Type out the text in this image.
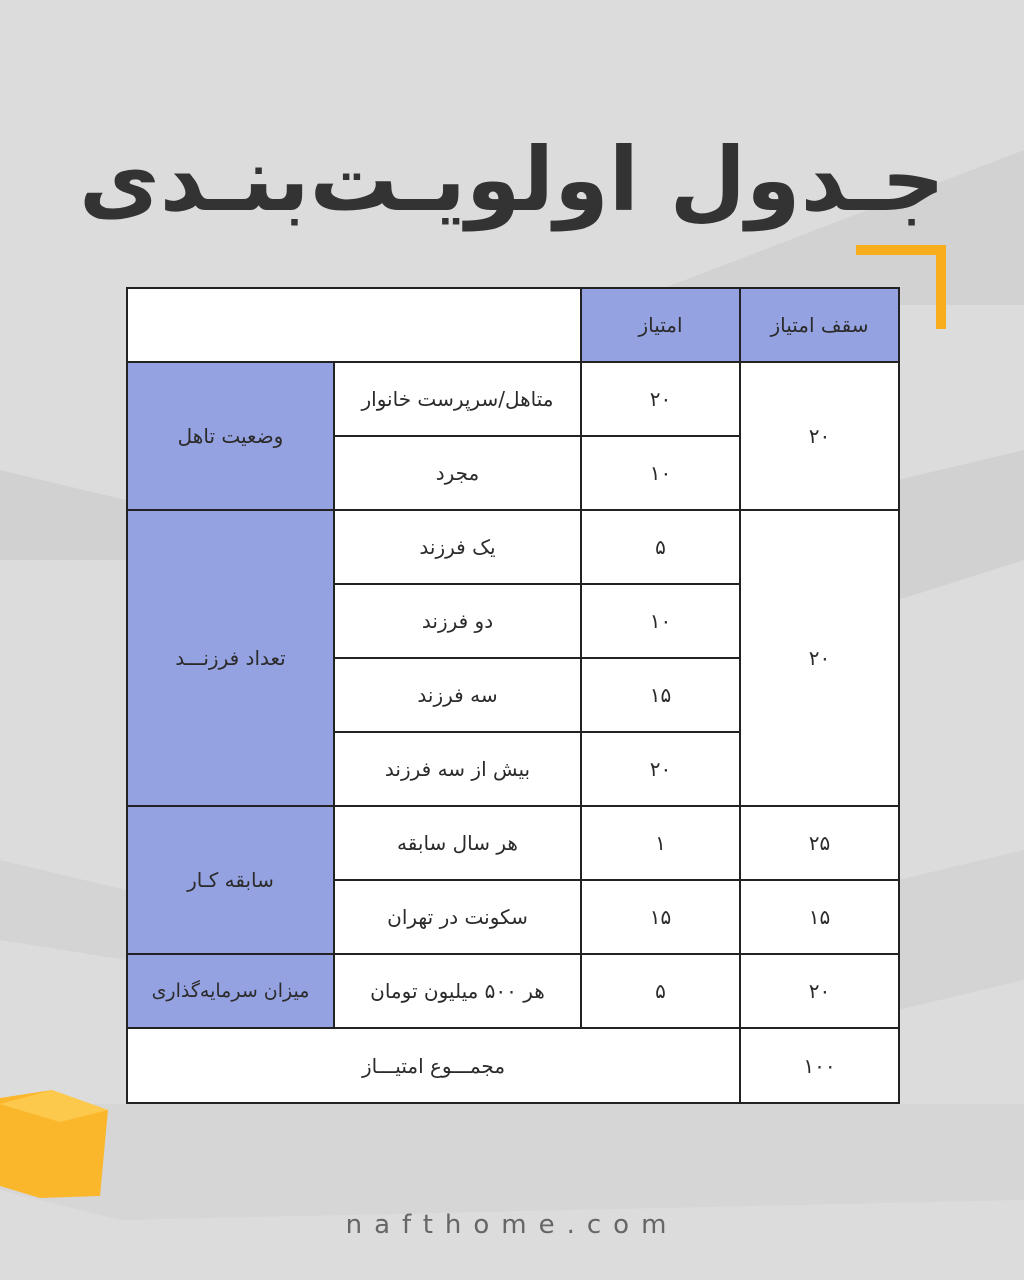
جـدول اولویـت‌بنـدی
سقف امتیاز	امتیاز		
۲۰	۲۰	متاهل/سرپرست خانوار	وضعیت تاهل
	۱۰	مجرد	
۲۰	۵	یک فرزند	تعداد فرزنـــد
	۱۰	دو فرزند	
	۱۵	سه فرزند	
	۲۰	بیش از سه فرزند	
۲۵	۱	هر سال سابقه	سابقه کـار
۱۵	۱۵	سکونت در تهران	
۲۰	۵	هر ۵۰۰ میلیون تومان	میزان سرمایه‌گذاری
۱۰۰	مجمـــوع امتیـــاز		
nafthome.com
